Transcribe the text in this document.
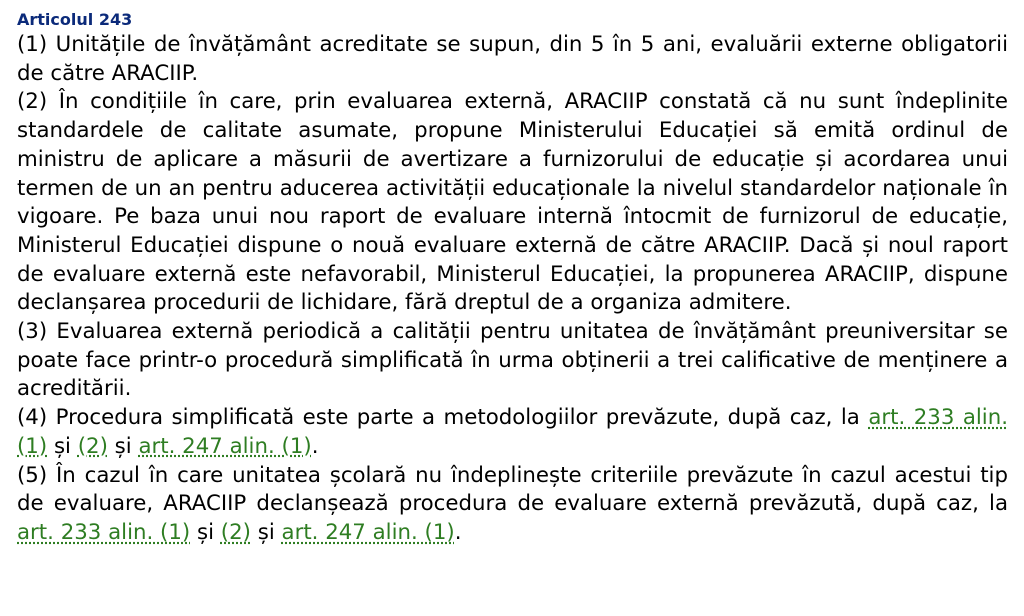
Articolul 243

(1) Unitățile de învățământ acreditate se supun, din 5 în 5 ani, evaluării externe obligatorii de către ARACIIP.

(2) În condițiile în care, prin evaluarea externă, ARACIIP constată că nu sunt îndeplinite standardele de calitate asumate, propune Ministerului Educației să emită ordinul de ministru de aplicare a măsurii de avertizare a furnizorului de educație și acordarea unui termen de un an pentru aducerea activității educaționale la nivelul standardelor naționale în vigoare. Pe baza unui nou raport de evaluare internă întocmit de furnizorul de educație, Ministerul Educației dispune o nouă evaluare externă de către ARACIIP. Dacă și noul raport de evaluare externă este nefavorabil, Ministerul Educației, la propunerea ARACIIP, dispune declanșarea procedurii de lichidare, fără dreptul de a organiza admitere.

(3) Evaluarea externă periodică a calității pentru unitatea de învățământ preuniversitar se poate face printr-o procedură simplificată în urma obținerii a trei calificative de menținere a acreditării.

(4) Procedura simplificată este parte a metodologiilor prevăzute, după caz, la art. 233 alin. (1) și (2) și art. 247 alin. (1).

(5) În cazul în care unitatea școlară nu îndeplinește criteriile prevăzute în cazul acestui tip de evaluare, ARACIIP declanșează procedura de evaluare externă prevăzută, după caz, la art. 233 alin. (1) și (2) și art. 247 alin. (1).
